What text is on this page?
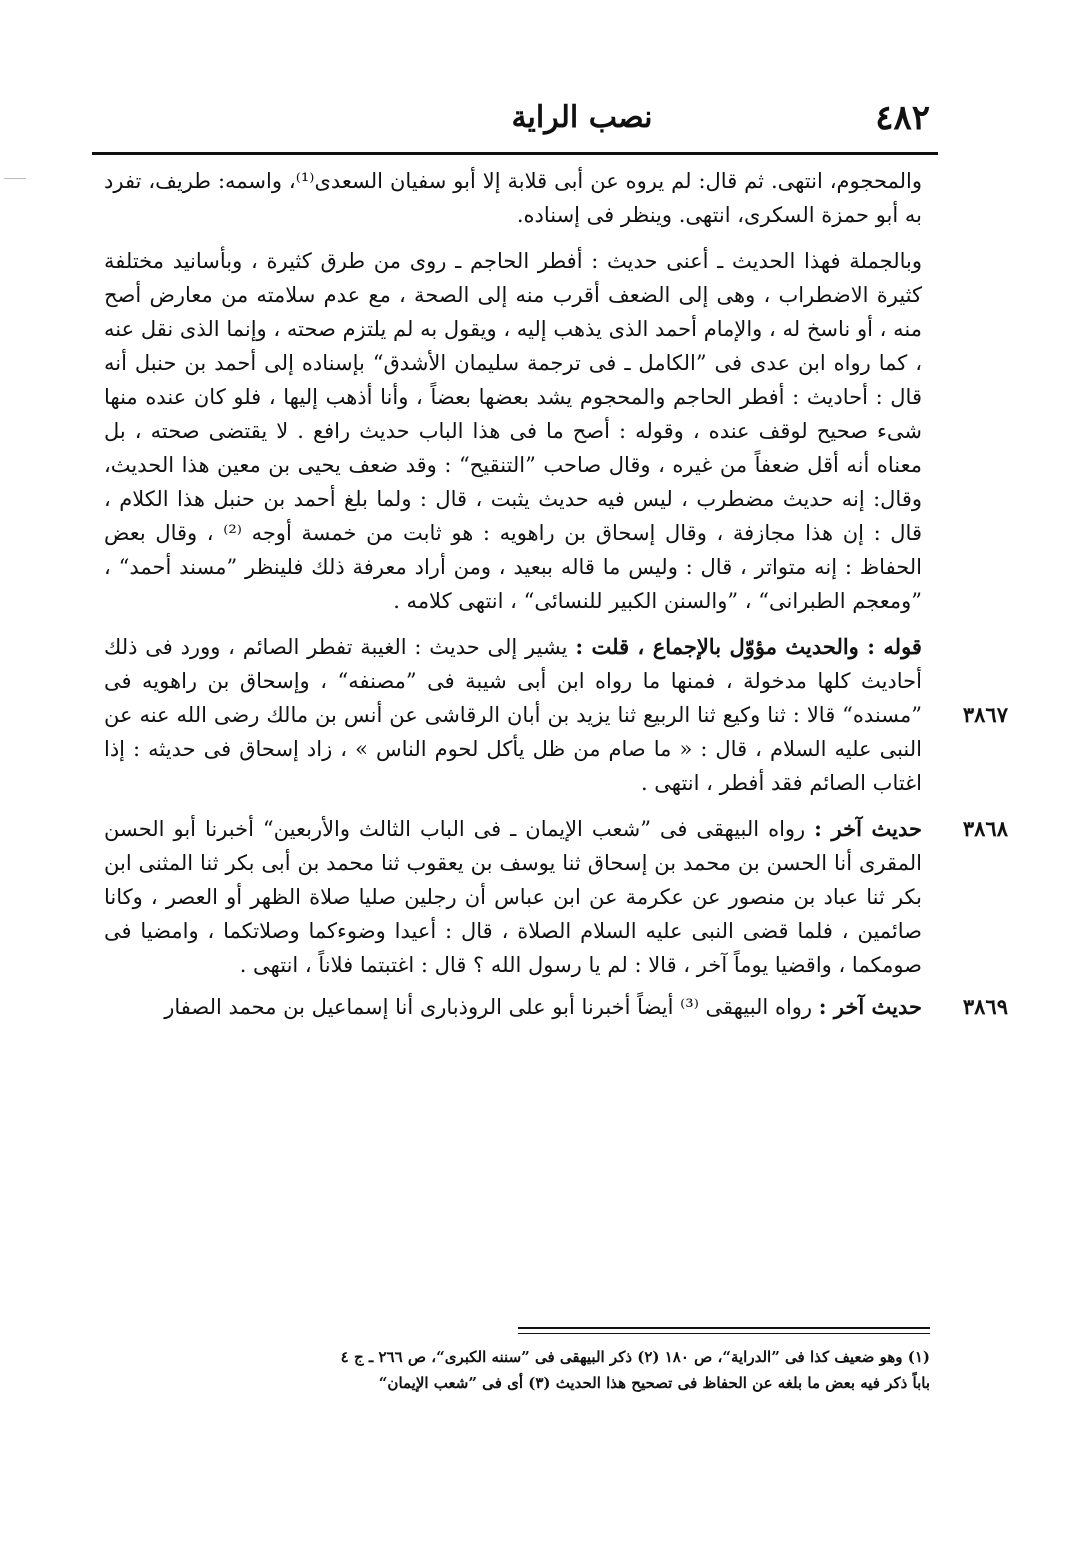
٤٨٢
نصب الراية

والمحجوم، انتهى. ثم قال: لم يروه عن أبى قلابة إلا أبو سفيان السعدى⁽¹⁾، واسمه: طريف، تفرد به أبو حمزة السكرى، انتهى. وينظر فى إسناده.

وبالجملة فهذا الحديث ـ أعنى حديث : أفطر الحاجم ـ روى من طرق كثيرة ، وبأسانيد مختلفة كثيرة الاضطراب ، وهى إلى الضعف أقرب منه إلى الصحة ، مع عدم سلامته من معارض أصح منه ، أو ناسخ له ، والإمام أحمد الذى يذهب إليه ، ويقول به لم يلتزم صحته ، وإنما الذى نقل عنه ، كما رواه ابن عدى فى ”الكامل ـ فى ترجمة سليمان الأشدق“ بإسناده إلى أحمد بن حنبل أنه قال : أحاديث : أفطر الحاجم والمحجوم يشد بعضها بعضاً ، وأنا أذهب إليها ، فلو كان عنده منها شىء صحيح لوقف عنده ، وقوله : أصح ما فى هذا الباب حديث رافع . لا يقتضى صحته ، بل معناه أنه أقل ضعفاً من غيره ، وقال صاحب ”التنقيح“ : وقد ضعف يحيى بن معين هذا الحديث، وقال: إنه حديث مضطرب ، ليس فيه حديث يثبت ، قال : ولما بلغ أحمد بن حنبل هذا الكلام ، قال : إن هذا مجازفة ، وقال إسحاق بن راهويه : هو ثابت من خمسة أوجه ⁽²⁾ ، وقال بعض الحفاظ : إنه متواتر ، قال : وليس ما قاله ببعيد ، ومن أراد معرفة ذلك فلينظر ”مسند أحمد“ ، ”ومعجم الطبرانى“ ، ”والسنن الكبير للنسائى“ ، انتهى كلامه .

٣٨٦٧
قوله : والحديث مؤوّل بالإجماع ، قلت : يشير إلى حديث : الغيبة تفطر الصائم ، وورد فى ذلك أحاديث كلها مدخولة ، فمنها ما رواه ابن أبى شيبة فى ”مصنفه“ ، وإسحاق بن راهويه فى ”مسنده“ قالا : ثنا وكيع ثنا الربيع ثنا يزيد بن أبان الرقاشى عن أنس بن مالك رضى الله عنه عن النبى عليه السلام ، قال : « ما صام من ظل يأكل لحوم الناس » ، زاد إسحاق فى حديثه : إذا اغتاب الصائم فقد أفطر ، انتهى .

٣٨٦٨
حديث آخر : رواه البيهقى فى ”شعب الإيمان ـ فى الباب الثالث والأربعين“ أخبرنا أبو الحسن المقرى أنا الحسن بن محمد بن إسحاق ثنا يوسف بن يعقوب ثنا محمد بن أبى بكر ثنا المثنى ابن بكر ثنا عباد بن منصور عن عكرمة عن ابن عباس أن رجلين صليا صلاة الظهر أو العصر ، وكانا صائمين ، فلما قضى النبى عليه السلام الصلاة ، قال : أعيدا وضوءكما وصلاتكما ، وامضيا فى صومكما ، واقضيا يوماً آخر ، قالا : لم يا رسول الله ؟ قال : اغتبتما فلاناً ، انتهى .

٣٨٦٩
حديث آخر : رواه البيهقى ⁽³⁾ أيضاً أخبرنا أبو على الروذبارى أنا إسماعيل بن محمد الصفار

(١) وهو ضعيف كذا فى ”الدراية“، ص ١٨٠ (٢) ذكر البيهقى فى ”سننه الكبرى“، ص ٢٦٦ ـ ج ٤
باباً ذكر فيه بعض ما بلغه عن الحفاظ فى تصحيح هذا الحديث (٣) أى فى ”شعب الإيمان“
